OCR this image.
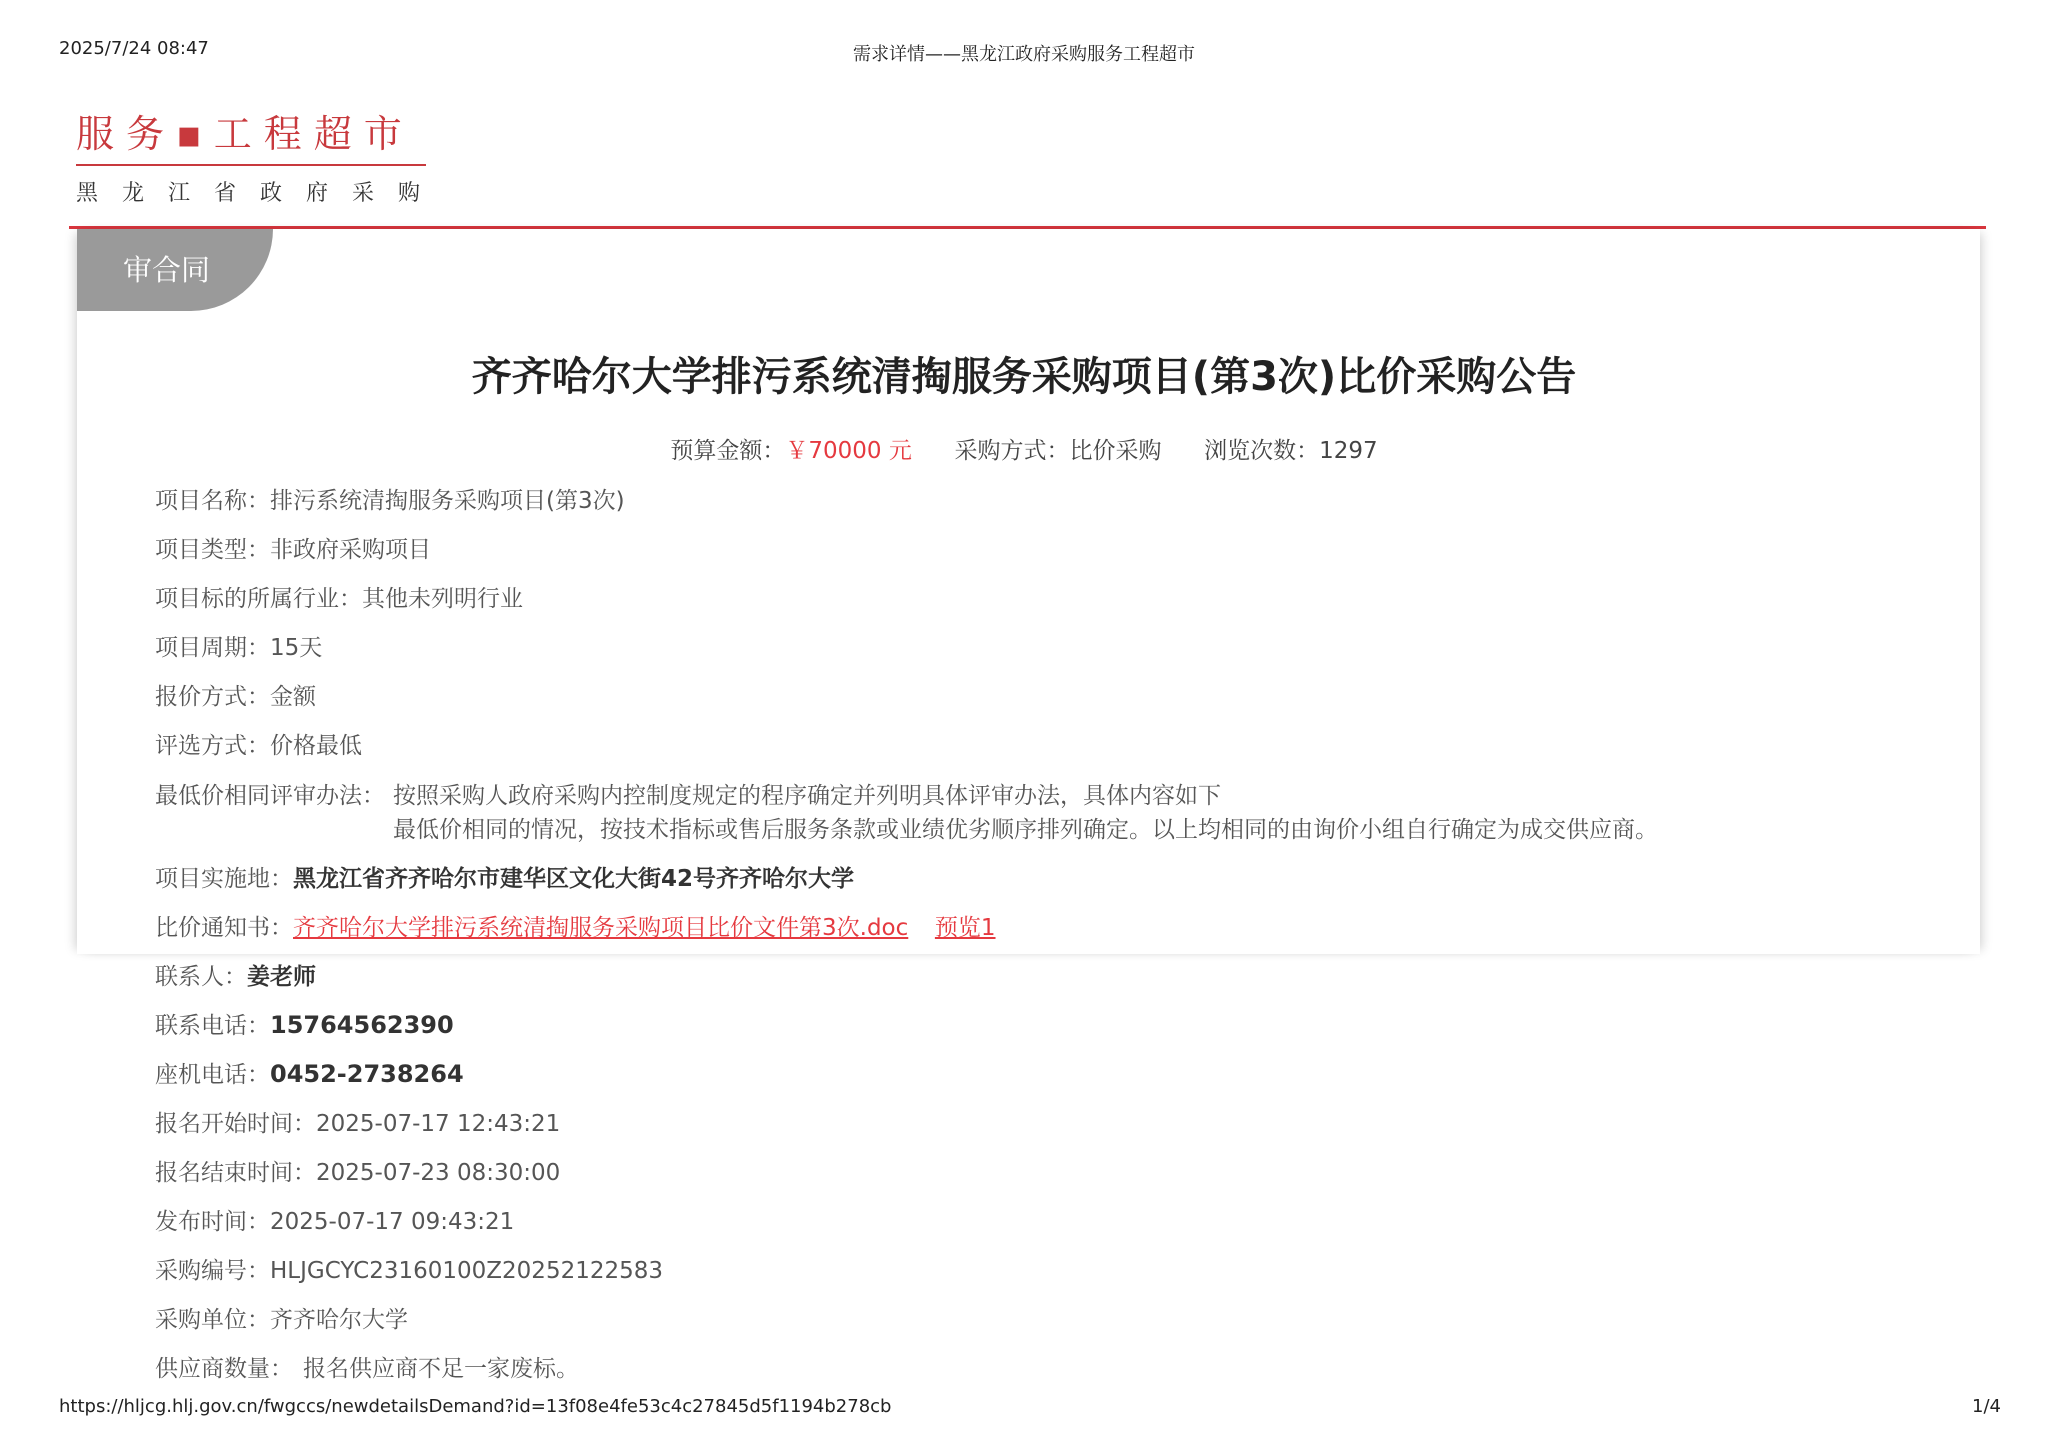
2025/7/24 08:47	需求详情——黑龙江政府采购服务工程超市
服务▪工程超市
黑龙江省政府采购
审合同
齐齐哈尔大学排污系统清掏服务采购项目(第3次)比价采购公告
预算金额：￥70000 元 采购方式：比价采购 浏览次数：1297
项目名称：排污系统清掏服务采购项目(第3次)
项目类型：非政府采购项目
项目标的所属行业：其他未列明行业
项目周期：15天
报价方式：金额
评选方式：价格最低
最低价相同评审办法： 按照采购人政府采购内控制度规定的程序确定并列明具体评审办法，具体内容如下
最低价相同的情况，按技术指标或售后服务条款或业绩优劣顺序排列确定。以上均相同的由询价小组自行确定为成交供应商。
项目实施地：黑龙江省齐齐哈尔市建华区文化大街42号齐齐哈尔大学
比价通知书：齐齐哈尔大学排污系统清掏服务采购项目比价文件第3次.doc 预览1
联系人：姜老师
联系电话：15764562390
座机电话：0452-2738264
报名开始时间：2025-07-17 12:43:21
报名结束时间：2025-07-23 08:30:00
发布时间：2025-07-17 09:43:21
采购编号：HLJGCYC23160100Z20252122583
采购单位：齐齐哈尔大学
供应商数量： 报名供应商不足一家废标。
https://hljcg.hlj.gov.cn/fwgccs/newdetailsDemand?id=13f08e4fe53c4c27845d5f1194b278cb	1/4
